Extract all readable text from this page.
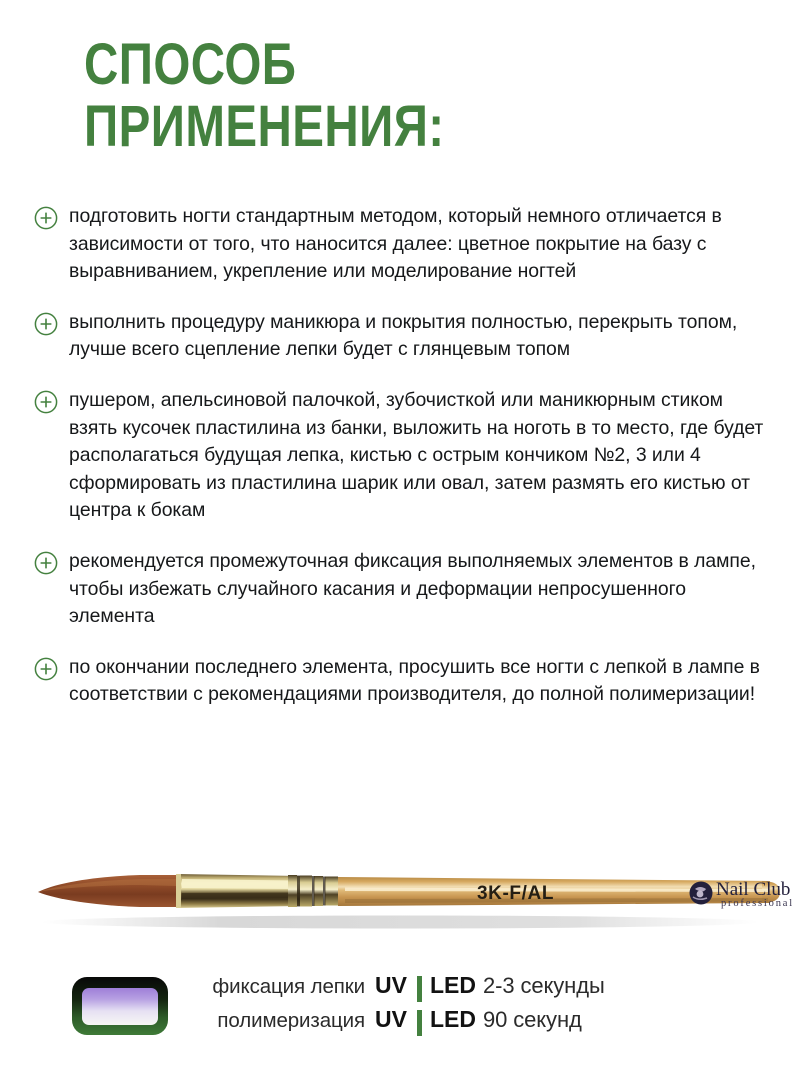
СПОСОБ
ПРИМЕНЕНИЯ:
подготовить ногти стандартным методом, который немного отличается в зависимости от того, что наносится далее: цветное покрытие на базу с выравниванием, укрепление или моделирование ногтей
выполнить процедуру маникюра и покрытия полностью, перекрыть топом, лучше всего сцепление лепки будет с глянцевым топом
пушером, апельсиновой палочкой, зубочисткой или маникюрным стиком взять кусочек пластилина из банки, выложить на ноготь в то место, где будет располагаться будущая лепка, кистью с острым кончиком №2, 3 или 4 сформировать из пластилина шарик или овал, затем размять его кистью от центра к бокам
рекомендуется промежуточная фиксация выполняемых элементов в лампе, чтобы избежать случайного касания и деформации непросушенного элемента
по окончании последнего элемента, просушить все ногти с лепкой в лампе в соответствии с рекомендациями производителя, до полной полимеризации!
3K-F/AL	Nail Club
professional
фиксация лепки UV	LED 2-3 секунды
полимеризация UV	LED 90 секунд
